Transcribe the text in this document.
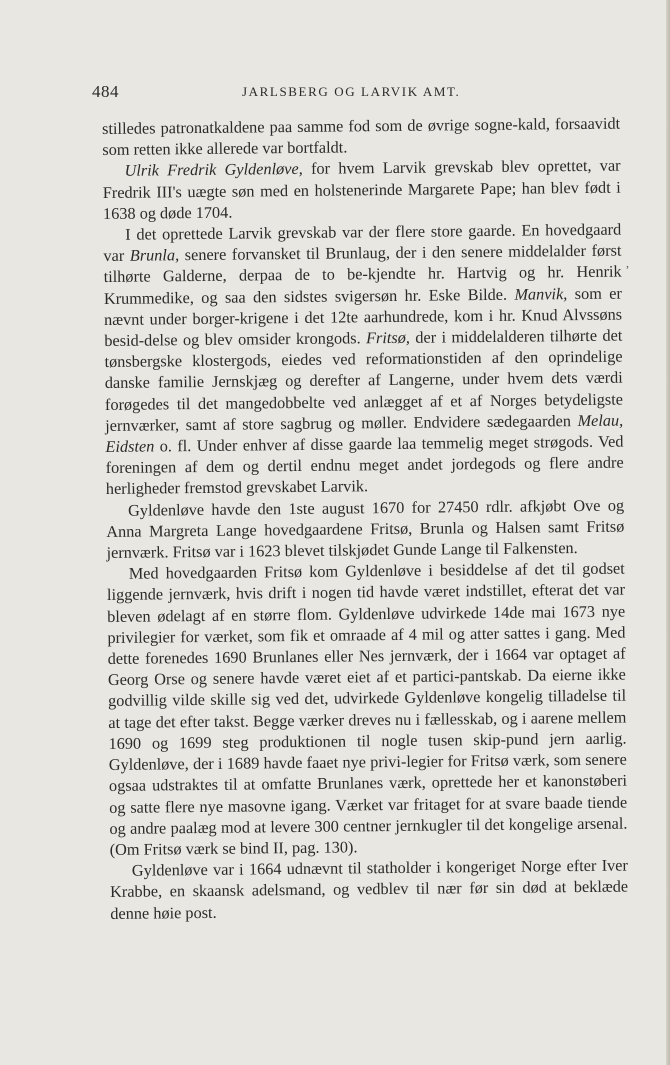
484	JARLSBERG OG LARVIK AMT.
,

stilledes patronatkaldene paa samme fod som de øvrige sogne-kald, forsaavidt som retten ikke allerede var bortfaldt.

Ulrik Fredrik Gyldenløve, for hvem Larvik grevskab blev oprettet, var Fredrik III's uægte søn med en holstenerinde Margarete Pape; han blev født i 1638 og døde 1704.

I det oprettede Larvik grevskab var der flere store gaarde. En hovedgaard var Brunla, senere forvansket til Brunlaug, der i den senere middelalder først tilhørte Galderne, derpaa de to be-kjendte hr. Hartvig og hr. Henrik Krummedike, og saa den sidstes svigersøn hr. Eske Bilde. Manvik, som er nævnt under borger-krigene i det 12te aarhundrede, kom i hr. Knud Alvssøns besid-delse og blev omsider krongods. Fritsø, der i middelalderen tilhørte det tønsbergske klostergods, eiedes ved reformationstiden af den oprindelige danske familie Jernskjæg og derefter af Langerne, under hvem dets værdi forøgedes til det mangedobbelte ved anlægget af et af Norges betydeligste jernværker, samt af store sagbrug og møller. Endvidere sædegaarden Melau, Eidsten o. fl. Under enhver af disse gaarde laa temmelig meget strøgods. Ved foreningen af dem og dertil endnu meget andet jordegods og flere andre herligheder fremstod grevskabet Larvik.

Gyldenløve havde den 1ste august 1670 for 27450 rdlr. afkjøbt Ove og Anna Margreta Lange hovedgaardene Fritsø, Brunla og Halsen samt Fritsø jernværk. Fritsø var i 1623 blevet tilskjødet Gunde Lange til Falkensten.

Med hovedgaarden Fritsø kom Gyldenløve i besiddelse af det til godset liggende jernværk, hvis drift i nogen tid havde været indstillet, efterat det var bleven ødelagt af en større flom. Gyldenløve udvirkede 14de mai 1673 nye privilegier for værket, som fik et omraade af 4 mil og atter sattes i gang. Med dette forenedes 1690 Brunlanes eller Nes jernværk, der i 1664 var optaget af Georg Orse og senere havde været eiet af et partici-pantskab. Da eierne ikke godvillig vilde skille sig ved det, udvirkede Gyldenløve kongelig tilladelse til at tage det efter takst. Begge værker dreves nu i fællesskab, og i aarene mellem 1690 og 1699 steg produktionen til nogle tusen skip-pund jern aarlig. Gyldenløve, der i 1689 havde faaet nye privi-legier for Fritsø værk, som senere ogsaa udstraktes til at omfatte Brunlanes værk, oprettede her et kanonstøberi og satte flere nye masovne igang. Værket var fritaget for at svare baade tiende og andre paalæg mod at levere 300 centner jernkugler til det kongelige arsenal. (Om Fritsø værk se bind II, pag. 130).

Gyldenløve var i 1664 udnævnt til statholder i kongeriget Norge efter Iver Krabbe, en skaansk adelsmand, og vedblev til nær før sin død at beklæde denne høie post.
